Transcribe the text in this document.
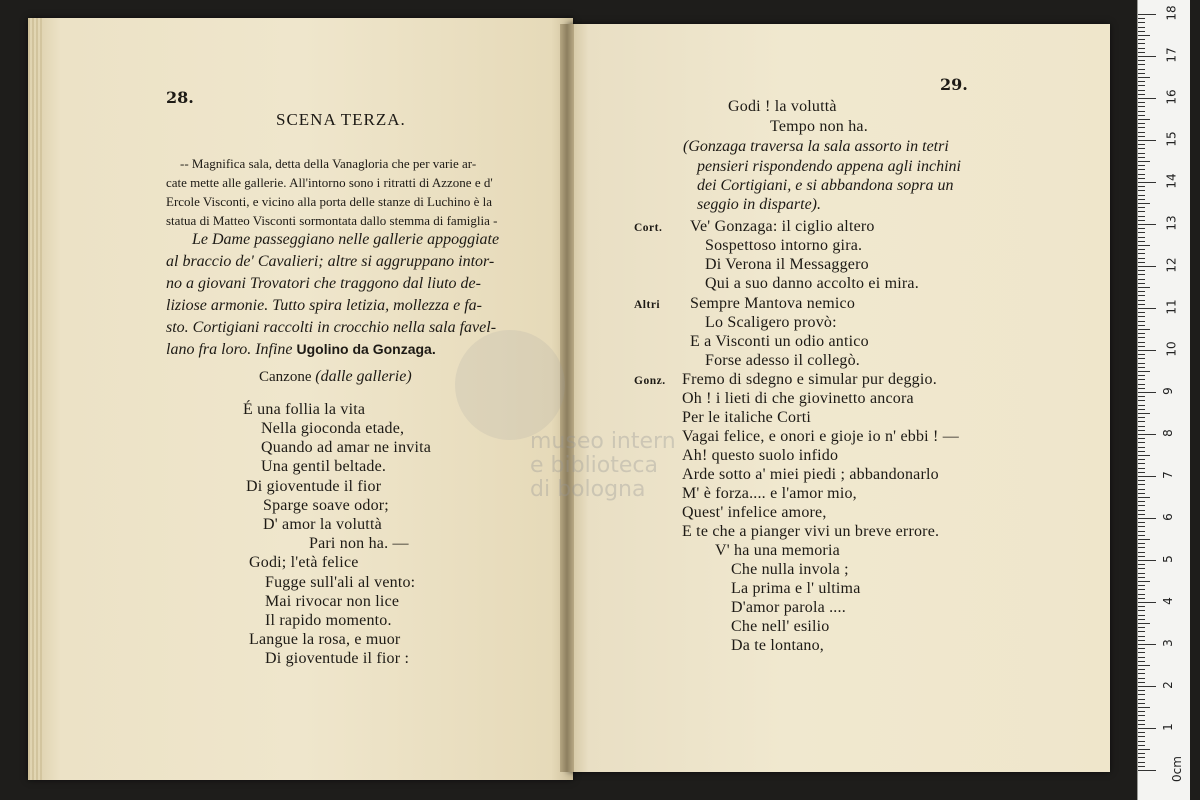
museo intern
e biblioteca
di bologna
28.
SCENA TERZA.
-- Magnifica sala, detta della Vanagloria che per varie ar-
cate mette alle gallerie. All'intorno sono i ritratti di Azzone e d'
Ercole Visconti, e vicino alla porta delle stanze di Luchino è la
statua di Matteo Visconti sormontata dallo stemma di famiglia -
Le Dame passeggiano nelle gallerie appoggiate
al braccio de' Cavalieri; altre si aggruppano intor-
no a giovani Trovatori che traggono dal liuto de-
liziose armonie. Tutto spira letizia, mollezza e fa-
sto. Cortigiani raccolti in crocchio nella sala favel-
lano fra loro. Infine Ugolino da Gonzaga.
Canzone (dalle gallerie)
É una follia la vita
Nella gioconda etade,
Quando ad amar ne invita
Una gentil beltade.
Di gioventude il fior
Sparge soave odor;
D' amor la voluttà
Pari non ha. —
Godi; l'età felice
Fugge sull'ali al vento:
Mai rivocar non lice
Il rapido momento.
Langue la rosa, e muor
Di gioventude il fior :
29.
Godi ! la voluttà
Tempo non ha.
(Gonzaga traversa la sala assorto in tetri
pensieri rispondendo appena agli inchini
dei Cortigiani, e si abbandona sopra un
seggio in disparte).
Cort. Ve' Gonzaga: il ciglio altero
Sospettoso intorno gira.
Di Verona il Messaggero
Qui a suo danno accolto ei mira.
Altri Sempre Mantova nemico
Lo Scaligero provò:
E a Visconti un odio antico
Forse adesso il collegò.
Gonz. Fremo di sdegno e simular pur deggio.
Oh ! i lieti di che giovinetto ancora
Per le italiche Corti
Vagai felice, e onori e gioje io n' ebbi ! —
Ah! questo suolo infido
Arde sotto a' miei piedi ; abbandonarlo
M' è forza.... e l'amor mio,
Quest' infelice amore,
E te che a pianger vivi un breve errore.
V' ha una memoria
Che nulla invola ;
La prima e l' ultima
D'amor parola ....
Che nell' esilio
Da te lontano,
18
17
16
15
14
13
12
11
10
9
8
7
6
5
4
3
2
1
0cm
